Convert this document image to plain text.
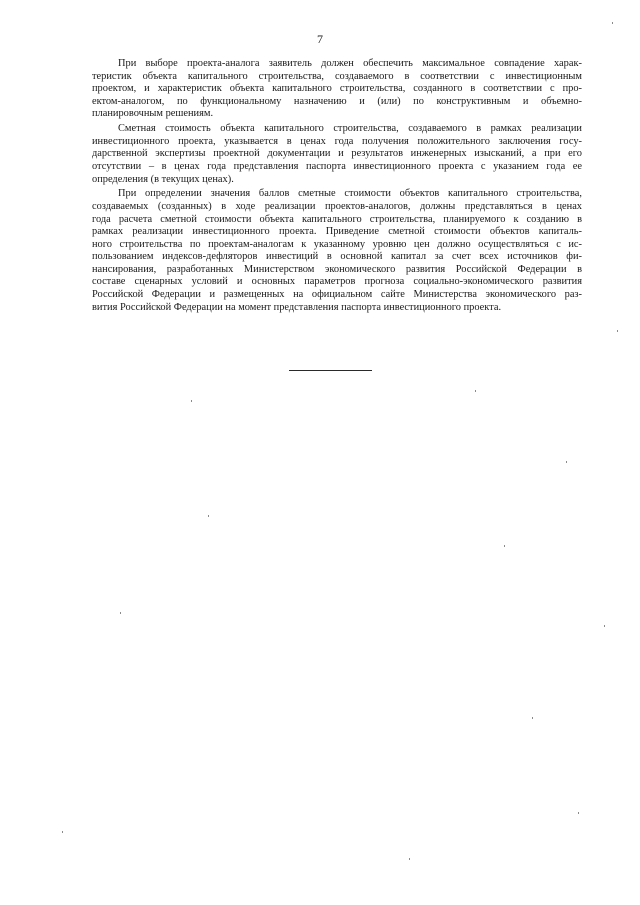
7

При выборе проекта-аналога заявитель должен обеспечить максимальное совпадение харак-
теристик объекта капитального строительства, создаваемого в соответствии с инвестиционным
проектом, и характеристик объекта капитального строительства, созданного в соответствии с про-
ектом-аналогом, по функциональному назначению и (или) по конструктивным и объемно-
планировочным решениям.

Сметная стоимость объекта капитального строительства, создаваемого в рамках реализации
инвестиционного проекта, указывается в ценах года получения положительного заключения госу-
дарственной экспертизы проектной документации и результатов инженерных изысканий, а при его
отсутствии – в ценах года представления паспорта инвестиционного проекта с указанием года ее
определения (в текущих ценах).

При определении значения баллов сметные стоимости объектов капитального строительства,
создаваемых (созданных) в ходе реализации проектов-аналогов, должны представляться в ценах
года расчета сметной стоимости объекта капитального строительства, планируемого к созданию в
рамках реализации инвестиционного проекта. Приведение сметной стоимости объектов капиталь-
ного строительства по проектам-аналогам к указанному уровню цен должно осуществляться с ис-
пользованием индексов-дефляторов инвестиций в основной капитал за счет всех источников фи-
нансирования, разработанных Министерством экономического развития Российской Федерации в
составе сценарных условий и основных параметров прогноза социально-экономического развития
Российской Федерации и размещенных на официальном сайте Министерства экономического раз-
вития Российской Федерации на момент представления паспорта инвестиционного проекта.
